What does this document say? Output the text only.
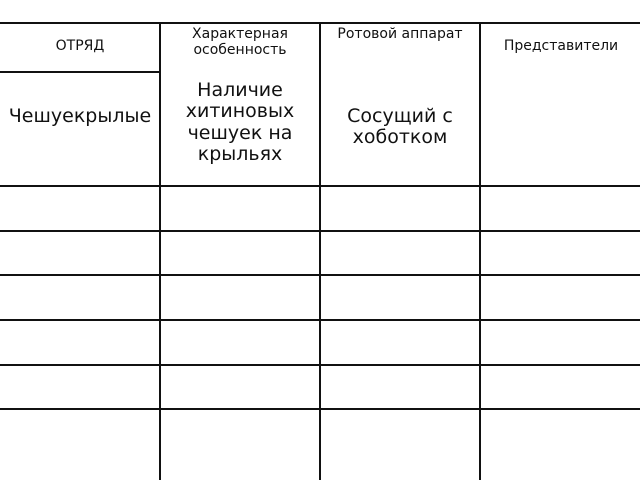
ОТРЯД
Характерная особенность
Ротовой аппарат
Представители
Чешуекрылые
Наличие хитиновых чешуек на крыльях
Сосущий с хоботком
